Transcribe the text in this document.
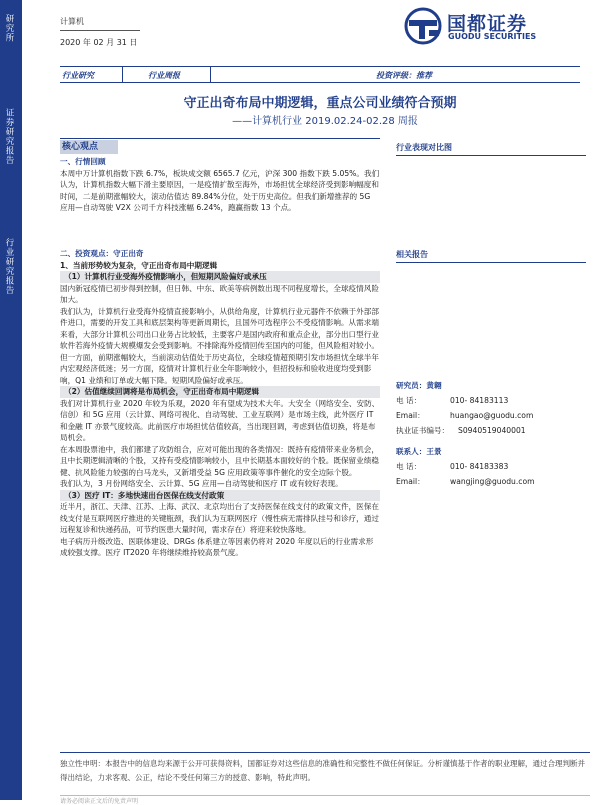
研究所
证券研究报告
行业研究报告
计算机
2020 年 02 月 31 日
国都证券
GUODU SECURITIES
行业研究	行业周报	投资评级：推荐
守正出奇布局中期逻辑，重点公司业绩符合预期
——计算机行业 2019.02.24-02.28 周报
核心观点
一、行情回顾
本周中万计算机指数下跌 6.7%，板块成交额 6565.7 亿元，沪深 300 指数下跌 5.05%。我们认为，计算机指数大幅下滑主要原因，一是疫情扩散至海外，市场担忧全球经济受到影响幅度和时间，二是前期涨幅较大，滚动估值达 89.84%分位，处于历史高位。但我们新增推荐的 5G 应用—自动驾驶 V2X 公司千方科技涨幅 6.24%，跑赢指数 13 个点。
二、投资观点：守正出奇
1、当前形势较为复杂，守正出奇布局中期逻辑
（1）计算机行业受海外疫情影响小，但短期风险偏好或承压
国内新冠疫情已初步得到控制，但日韩、中东、欧美等病例数出现不同程度增长，全球疫情风险加大。
我们认为，计算机行业受海外疫情直接影响小，从供给角度，计算机行业元器件不依赖于外部部件进口，需要的开发工具和底层架构等更新周期长，且国外可选程序公不受疫情影响。从需求端来看，大部分计算机公司出口业务占比较低，主要客户是国内政府和重点企业，部分出口型行业软件若海外疫情大规模爆发会受到影响。不排除海外疫情回传至国内的可能，但风险相对较小。
但一方面，前期涨幅较大，当前滚动估值处于历史高位，全球疫情超预期引发市场担忧全球半年内宏观经济低迷；另一方面，疫情对计算机行业全年影响较小，但招投标和验收进度均受到影响，Q1 业绩和订单或大幅下降。短期风险偏好或承压。
（2）估值继续回调将是布局机会，守正出奇布局中期逻辑
我们对计算机行业 2020 年较为乐观，2020 年有望成为技术大年。大安全（网络安全、安防、信创）和 5G 应用（云计算、网络可视化、自动驾驶、工业互联网）是市场主线，此外医疗 IT 和金融 IT 亦景气度较高。此前医疗市场担忧估值较高，当出现回调，考虑到估值切换，将是布局机会。
在本周股票池中，我们都建了攻防组合，应对可能出现的各类情况：既持有疫情带来业务机会，且中长期逻辑清晰的个股，又持有受疫情影响较小，且中长期基本面较好的个股。既保留业绩稳健、抗风险能力较强的白马龙头，又新增受益 5G 应用政策等事件催化的安全边际个股。
我们认为，3 月份网络安全、云计算、5G 应用—自动驾驶和医疗 IT 或有较好表现。
（3）医疗 IT：多地快速出台医保在线支付政策
近半月，浙江、天津、江苏、上海、武汉、北京均出台了支持医保在线支付的政策文件，医保在线支付是互联网医疗推进的关键瓶颈，我们认为互联网医疗（慢性病无需排队挂号和诊疗，通过远程复诊和快递药品，可节约医患大量时间，需求存在）将迎来较快落地。
电子病历升级改造、医联体建设、DRGs 体系建立等因素仍将对 2020 年度以后的行业需求形成较强支撑。医疗 IT2020 年将继续维持较高景气度。
行业表现对比图
相关报告
研究员：黄翱
电 话：	010- 84183113
Email：	huangao@guodu.com
执业证书编号： S0940519040001
联系人：王景
电 话：	010- 84183383
Email：	wangjing@guodu.com
独立性申明：本报告中的信息均来源于公开可获得资料，国都证券对这些信息的准确性和完整性不做任何保证。分析谨慎基于作者的职业理解，通过合理判断并得出结论，力求客观、公正，结论不受任何第三方的授意、影响，特此声明。
请务必阅读正文后的免责声明
